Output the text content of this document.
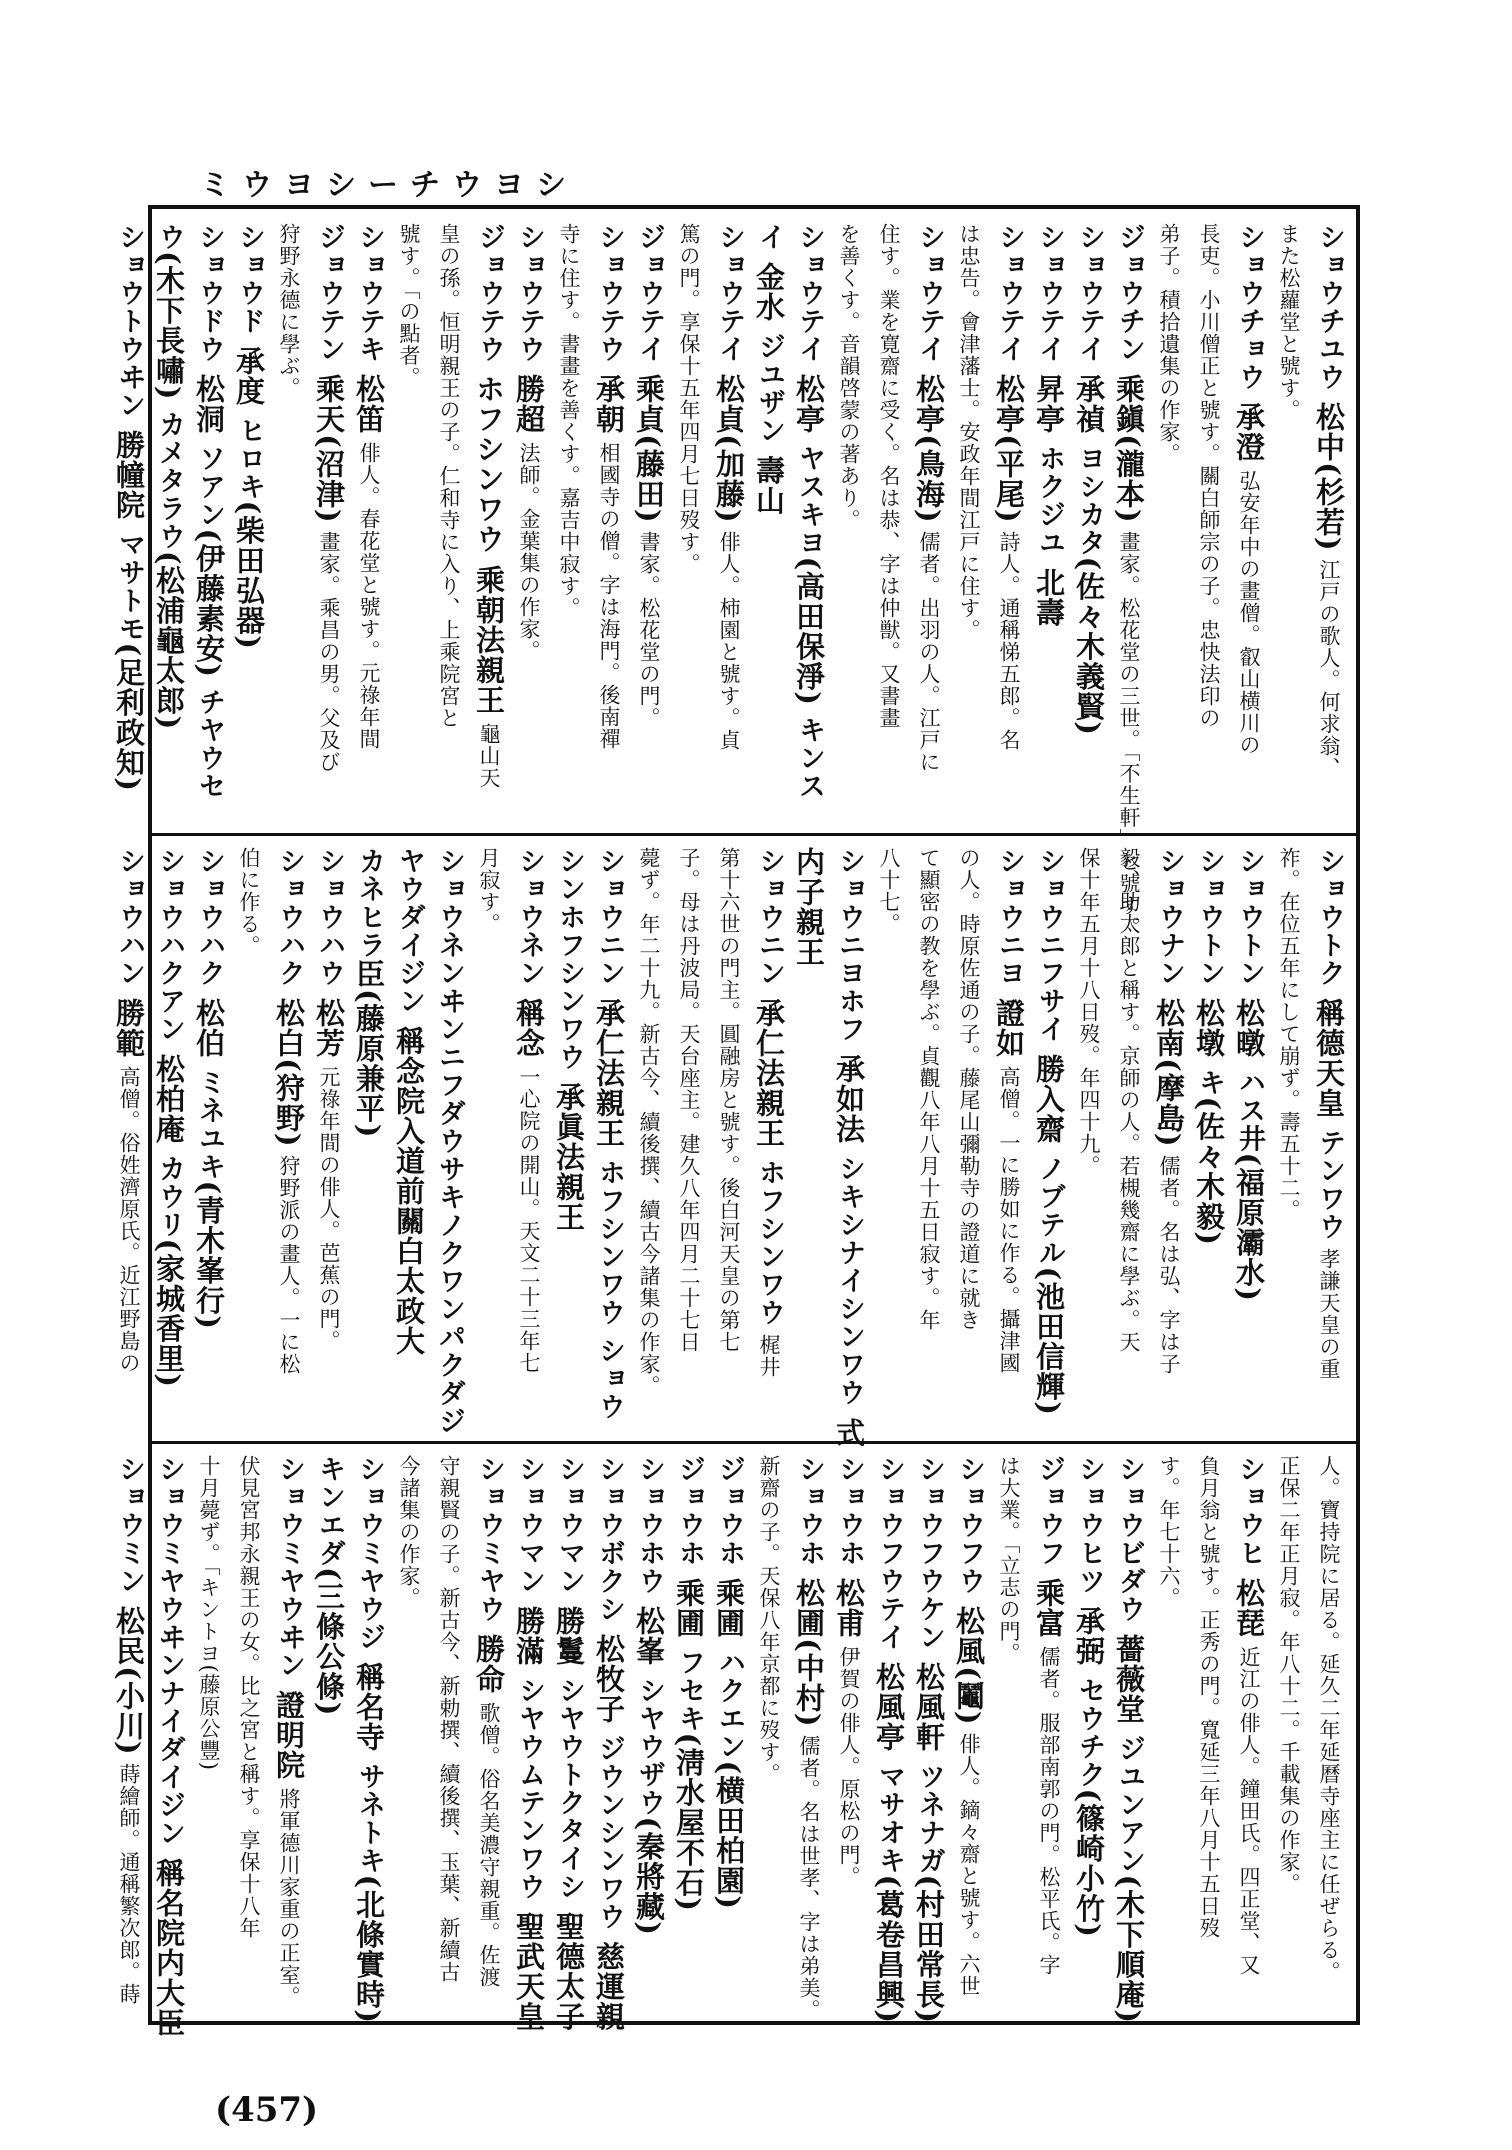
ミウヨシーチウヨシ
ショウチユウ 松中(杉若) 江戸の歌人。何求翁、
また松蘿堂と號す。
ショウチョウ 承澄 弘安年中の畫僧。叡山横川の
長吏。小川僧正と號す。關白師宗の子。忠快法印の
弟子。積拾遺集の作家。
ジョウチン 乘鎭(瀧本) 畫家。松花堂の三世。「不生軒」と號す。
ショウテイ 承禎 ヨシカタ(佐々木義賢)
ショウテイ 昇亭 ホクジユ 北壽
ショウテイ 松亭(平尾) 詩人。通稱悌五郎。名
は忠告。會津藩士。安政年間江戸に住す。
ショウテイ 松亭(鳥海) 儒者。出羽の人。江戸に
住す。業を寛齋に受く。名は恭、字は仲獣。又書畫
を善くす。音韻啓蒙の著あり。
ショウテイ 松亭 ヤスキヨ(高田保淨) キンス
イ 金水 ジユザン 壽山
ショウテイ 松貞(加藤) 俳人。柿園と號す。貞
篤の門。享保十五年四月七日歿す。
ジョウテイ 乘貞(藤田) 書家。松花堂の門。
ショウテウ 承朝 相國寺の僧。字は海門。後南禪
寺に住す。書畫を善くす。嘉吉中寂す。
ショウテウ 勝超 法師。金葉集の作家。
ジョウテウ ホフシンワウ 乘朝法親王 龜山天
皇の孫。恒明親王の子。仁和寺に入り、上乘院宮と
號す。「の點者。
ショウテキ 松笛 俳人。春花堂と號す。元祿年間
ジョウテン 乘天(沼津) 畫家。乘昌の男。父及び
狩野永德に學ぶ。
ショウド 承度 ヒロキ(柴田弘器)
ショウドウ 松洞 ソアン(伊藤素安) チヤウセ
ウ(木下長嘯) カメタラウ(松浦龜太郎)
ショウトウヰン 勝幢院 マサトモ(足利政知)
ショウトク 稱德天皇 テンワウ 孝謙天皇の重
祚。在位五年にして崩ず。壽五十二。
ショウトン 松暾 ハス井(福原灞水)
ショウトン 松墩 キ(佐々木毅)
ショウナン 松南(摩島) 儒者。名は弘、字は子
毅、助太郎と稱す。京師の人。若槻幾齋に學ぶ。天
保十年五月十八日歿。年四十九。
ショウニフサイ 勝入齋 ノブテル(池田信輝)
ショウニヨ 證如 高僧。一に勝如に作る。攝津國
の人。時原佐通の子。藤尾山彌勒寺の證道に就き
て顯密の教を學ぶ。貞觀八年八月十五日寂す。年
八十七。
ショウニヨホフ 承如法 シキシナイシンワウ 式
内子親王
ショウニン 承仁法親王 ホフシンワウ 梶井
第十六世の門主。圓融房と號す。後白河天皇の第七
子。母は丹波局。天台座主。建久八年四月二十七日
薨ず。年二十九。新古今、續後撰、續古今諸集の作家。
ショウニン 承仁法親王 ホフシンワウ ショウ
シンホフシンワウ 承眞法親王
ショウネン 稱念 一心院の開山。天文二十三年七
月寂す。
ショウネンヰンニフダウサキノクワンパクダジ
ヤウダイジン 稱念院入道前關白太政大
カネヒラ臣(藤原兼平)
ショウハウ 松芳 元祿年間の俳人。芭蕉の門。
ショウハク 松白(狩野) 狩野派の畫人。一に松
伯に作る。
ショウハク 松伯 ミネユキ(青木峯行)
ショウハクアン 松柏庵 カウリ(家城香里)
ショウハン 勝範 高僧。俗姓濟原氏。近江野島の
人。寶持院に居る。延久二年延曆寺座主に任ぜらる。
正保二年正月寂。年八十二。千載集の作家。
ショウヒ 松琵 近江の俳人。鐘田氏。四正堂、又
負月翁と號す。正秀の門。寬延三年八月十五日歿
す。年七十六。
ショウビダウ 薔薇堂 ジユンアン(木下順庵)
ショウヒツ 承弼 セウチク(篠崎小竹)
ジョウフ 乘富 儒者。服部南郭の門。松平氏。字
は大業。「立志の門。
ショウフウ 松風(鬮) 俳人。鏑々齋と號す。六世
ショウフウケン 松風軒 ツネナガ(村田常長)
ショウフウテイ 松風亭 マサオキ(葛卷昌興)
ショウホ 松甫 伊賀の俳人。原松の門。
ショウホ 松圃(中村) 儒者。名は世孝、字は弟美。
新齋の子。天保八年京都に歿す。
ジョウホ 乘圃 ハクエン(横田柏園)
ジョウホ 乘圃 フセキ(淸水屋不石)
ショウホウ 松峯 シヤウザウ(秦將藏)
ショウボクシ 松牧子 ジウンシンワウ 慈運親
ショウマン 勝鬘 シヤウトクタイシ 聖德太子
ショウマン 勝滿 シヤウムテンワウ 聖武天皇
ショウミヤウ 勝命 歌僧。俗名美濃守親重。佐渡
守親賢の子。新古今、新勅撰、續後撰、玉葉、新續古
今諸集の作家。
ショウミヤウジ 稱名寺 サネトキ(北條實時)
キンエダ(三條公條)
ショウミヤウヰン 證明院 將軍德川家重の正室。
伏見宮邦永親王の女。比之宮と稱す。享保十八年
十月薨ず。「キントヨ(藤原公豐)
ショウミヤウヰンナイダイジン 稱名院内大臣
ショウミン 松民(小川) 蒔繪師。通稱繁次郎。蒔
(457)
